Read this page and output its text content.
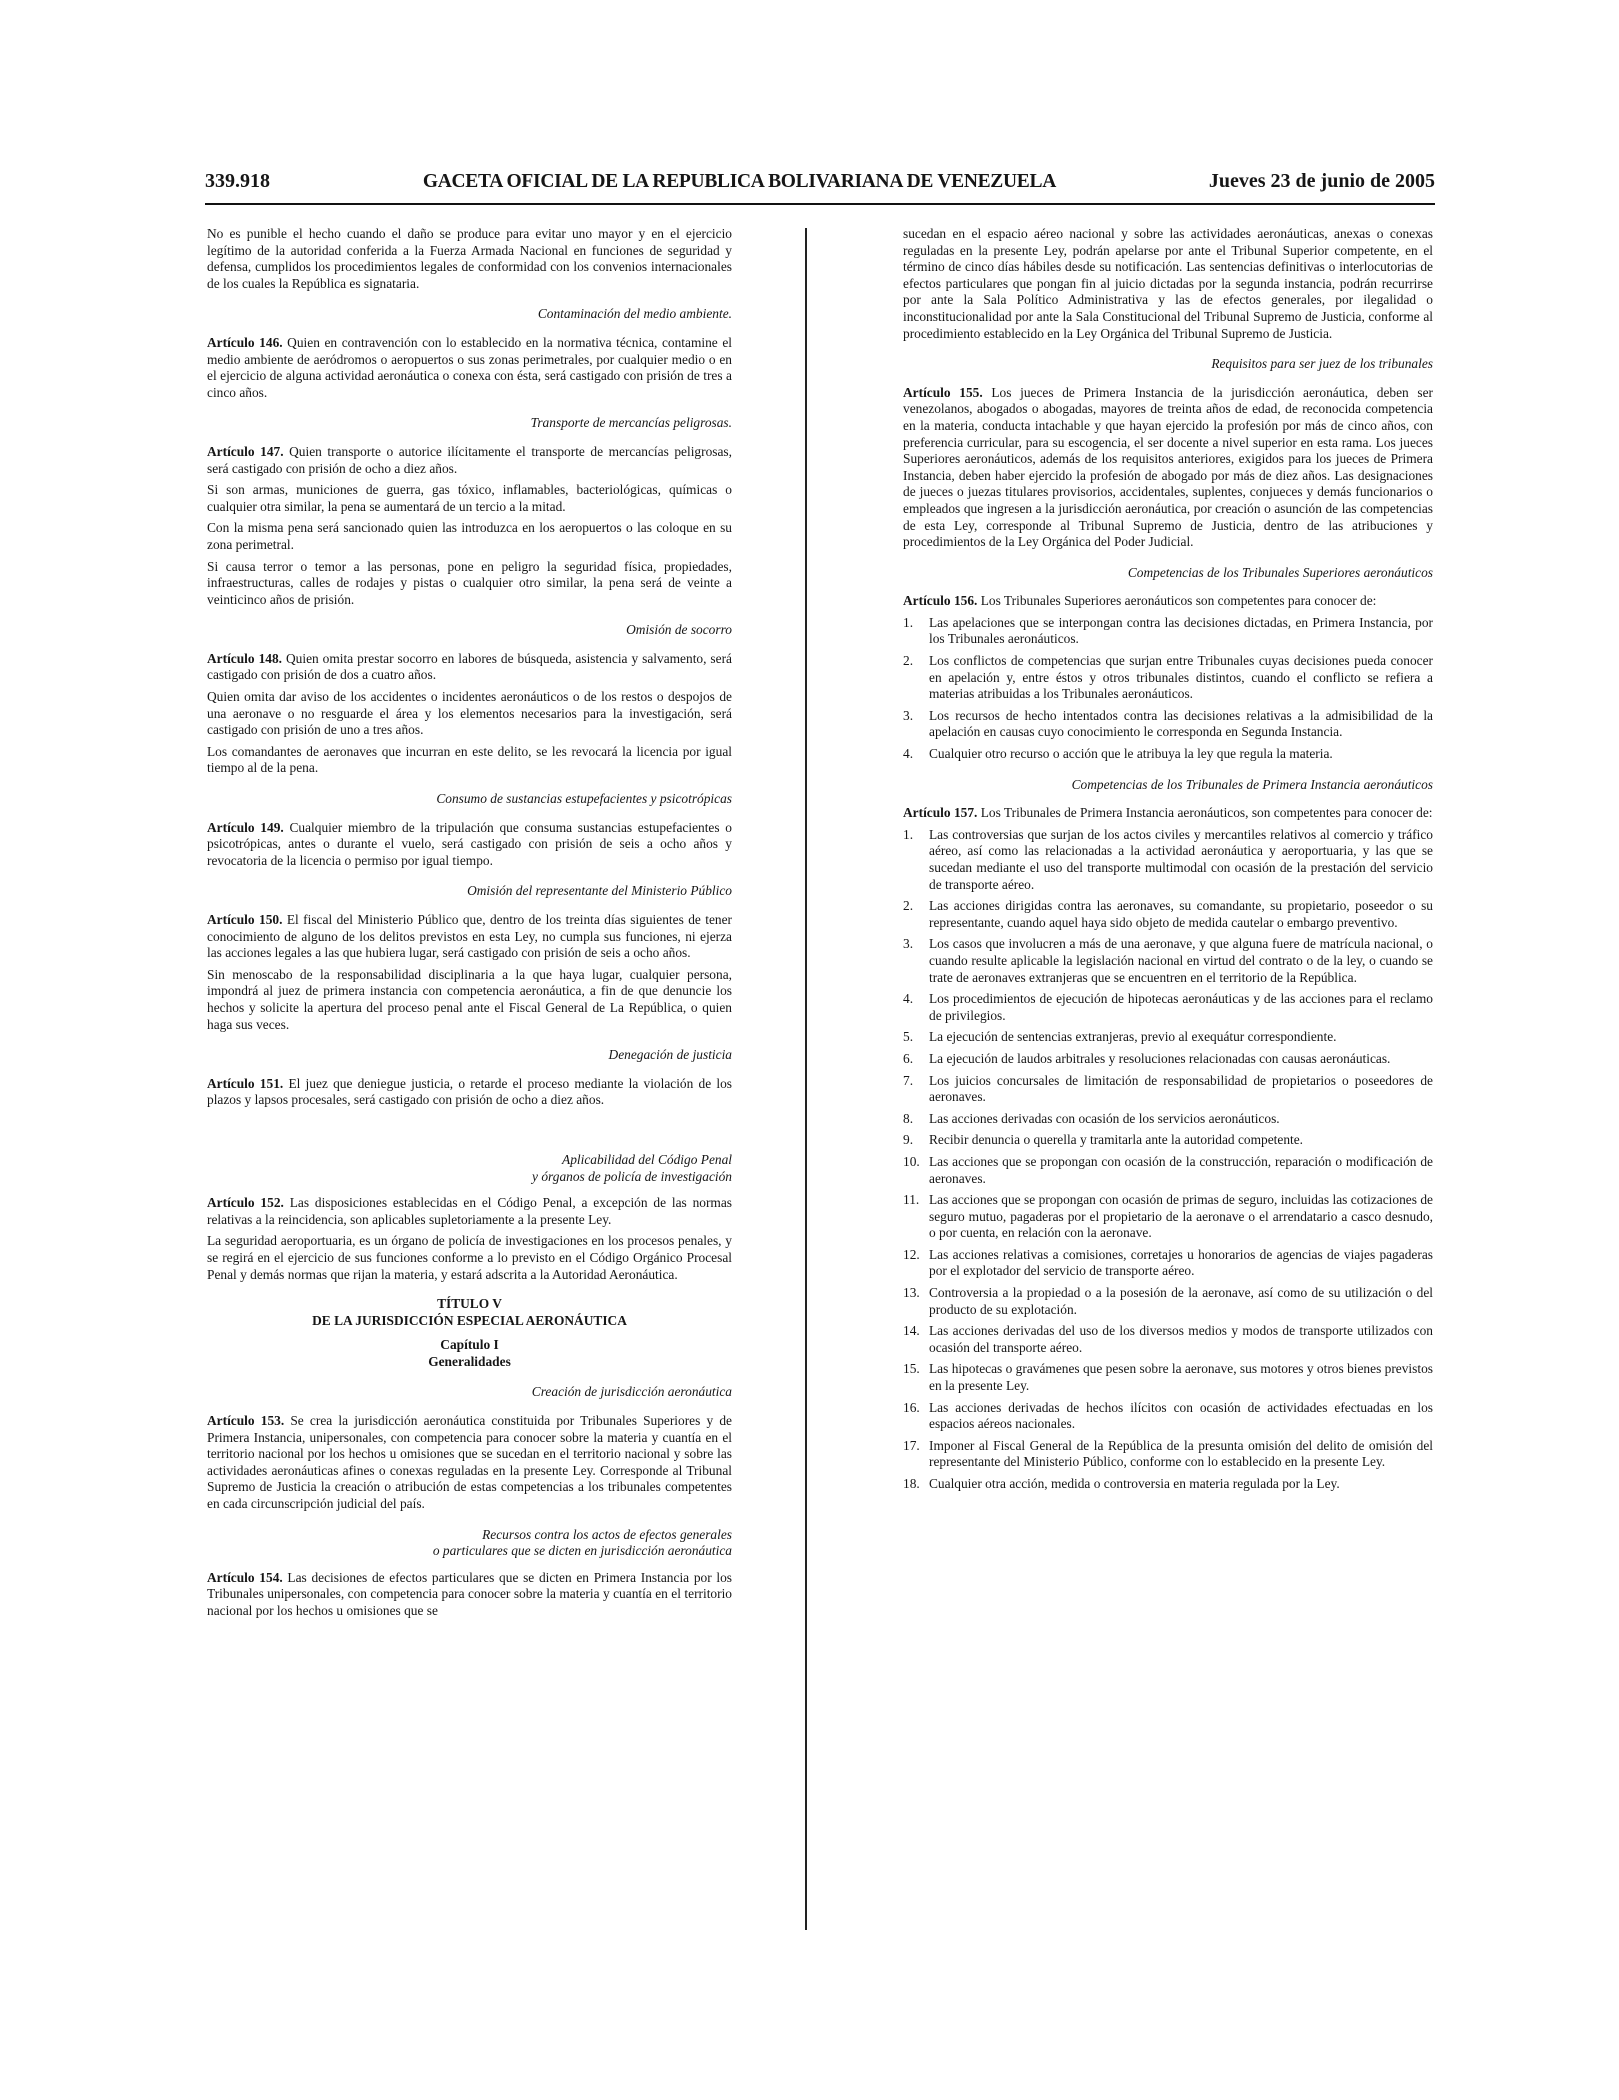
339.918	GACETA OFICIAL DE LA REPUBLICA BOLIVARIANA DE VENEZUELA	Jueves 23 de junio de 2005

No es punible el hecho cuando el daño se produce para evitar uno mayor y en el ejercicio legítimo de la autoridad conferida a la Fuerza Armada Nacional en funciones de seguridad y defensa, cumplidos los procedimientos legales de conformidad con los convenios internacionales de los cuales la República es signataria.

Contaminación del medio ambiente.

Artículo 146. Quien en contravención con lo establecido en la normativa técnica, contamine el medio ambiente de aeródromos o aeropuertos o sus zonas perimetrales, por cualquier medio o en el ejercicio de alguna actividad aeronáutica o conexa con ésta, será castigado con prisión de tres a cinco años.

Transporte de mercancías peligrosas.

Artículo 147. Quien transporte o autorice ilícitamente el transporte de mercancías peligrosas, será castigado con prisión de ocho a diez años.

Si son armas, municiones de guerra, gas tóxico, inflamables, bacteriológicas, químicas o cualquier otra similar, la pena se aumentará de un tercio a la mitad.

Con la misma pena será sancionado quien las introduzca en los aeropuertos o las coloque en su zona perimetral.

Si causa terror o temor a las personas, pone en peligro la seguridad física, propiedades, infraestructuras, calles de rodajes y pistas o cualquier otro similar, la pena será de veinte a veinticinco años de prisión.

Omisión de socorro

Artículo 148. Quien omita prestar socorro en labores de búsqueda, asistencia y salvamento, será castigado con prisión de dos a cuatro años.

Quien omita dar aviso de los accidentes o incidentes aeronáuticos o de los restos o despojos de una aeronave o no resguarde el área y los elementos necesarios para la investigación, será castigado con prisión de uno a tres años.

Los comandantes de aeronaves que incurran en este delito, se les revocará la licencia por igual tiempo al de la pena.

Consumo de sustancias estupefacientes y psicotrópicas

Artículo 149. Cualquier miembro de la tripulación que consuma sustancias estupefacientes o psicotrópicas, antes o durante el vuelo, será castigado con prisión de seis a ocho años y revocatoria de la licencia o permiso por igual tiempo.

Omisión del representante del Ministerio Público

Artículo 150. El fiscal del Ministerio Público que, dentro de los treinta días siguientes de tener conocimiento de alguno de los delitos previstos en esta Ley, no cumpla sus funciones, ni ejerza las acciones legales a las que hubiera lugar, será castigado con prisión de seis a ocho años.

Sin menoscabo de la responsabilidad disciplinaria a la que haya lugar, cualquier persona, impondrá al juez de primera instancia con competencia aeronáutica, a fin de que denuncie los hechos y solicite la apertura del proceso penal ante el Fiscal General de La República, o quien haga sus veces.

Denegación de justicia

Artículo 151. El juez que deniegue justicia, o retarde el proceso mediante la violación de los plazos y lapsos procesales, será castigado con prisión de ocho a diez años.

Aplicabilidad del Código Penal
y órganos de policía de investigación

Artículo 152. Las disposiciones establecidas en el Código Penal, a excepción de las normas relativas a la reincidencia, son aplicables supletoriamente a la presente Ley.

La seguridad aeroportuaria, es un órgano de policía de investigaciones en los procesos penales, y se regirá en el ejercicio de sus funciones conforme a lo previsto en el Código Orgánico Procesal Penal y demás normas que rijan la materia, y estará adscrita a la Autoridad Aeronáutica.

TÍTULO V
DE LA JURISDICCIÓN ESPECIAL AERONÁUTICA
Capítulo I
Generalidades
Creación de jurisdicción aeronáutica

Artículo 153. Se crea la jurisdicción aeronáutica constituida por Tribunales Superiores y de Primera Instancia, unipersonales, con competencia para conocer sobre la materia y cuantía en el territorio nacional por los hechos u omisiones que se sucedan en el territorio nacional y sobre las actividades aeronáuticas afines o conexas reguladas en la presente Ley. Corresponde al Tribunal Supremo de Justicia la creación o atribución de estas competencias a los tribunales competentes en cada circunscripción judicial del país.

Recursos contra los actos de efectos generales
o particulares que se dicten en jurisdicción aeronáutica

Artículo 154. Las decisiones de efectos particulares que se dicten en Primera Instancia por los Tribunales unipersonales, con competencia para conocer sobre la materia y cuantía en el territorio nacional por los hechos u omisiones que se

sucedan en el espacio aéreo nacional y sobre las actividades aeronáuticas, anexas o conexas reguladas en la presente Ley, podrán apelarse por ante el Tribunal Superior competente, en el término de cinco días hábiles desde su notificación. Las sentencias definitivas o interlocutorias de efectos particulares que pongan fin al juicio dictadas por la segunda instancia, podrán recurrirse por ante la Sala Político Administrativa y las de efectos generales, por ilegalidad o inconstitucionalidad por ante la Sala Constitucional del Tribunal Supremo de Justicia, conforme al procedimiento establecido en la Ley Orgánica del Tribunal Supremo de Justicia.

Requisitos para ser juez de los tribunales

Artículo 155. Los jueces de Primera Instancia de la jurisdicción aeronáutica, deben ser venezolanos, abogados o abogadas, mayores de treinta años de edad, de reconocida competencia en la materia, conducta intachable y que hayan ejercido la profesión por más de cinco años, con preferencia curricular, para su escogencia, el ser docente a nivel superior en esta rama. Los jueces Superiores aeronáuticos, además de los requisitos anteriores, exigidos para los jueces de Primera Instancia, deben haber ejercido la profesión de abogado por más de diez años. Las designaciones de jueces o juezas titulares provisorios, accidentales, suplentes, conjueces y demás funcionarios o empleados que ingresen a la jurisdicción aeronáutica, por creación o asunción de las competencias de esta Ley, corresponde al Tribunal Supremo de Justicia, dentro de las atribuciones y procedimientos de la Ley Orgánica del Poder Judicial.

Competencias de los Tribunales Superiores aeronáuticos

Artículo 156. Los Tribunales Superiores aeronáuticos son competentes para conocer de:

1.	Las apelaciones que se interpongan contra las decisiones dictadas, en Primera Instancia, por los Tribunales aeronáuticos.
2.	Los conflictos de competencias que surjan entre Tribunales cuyas decisiones pueda conocer en apelación y, entre éstos y otros tribunales distintos, cuando el conflicto se refiera a materias atribuidas a los Tribunales aeronáuticos.
3.	Los recursos de hecho intentados contra las decisiones relativas a la admisibilidad de la apelación en causas cuyo conocimiento le corresponda en Segunda Instancia.
4.	Cualquier otro recurso o acción que le atribuya la ley que regula la materia.
Competencias de los Tribunales de Primera Instancia aeronáuticos

Artículo 157. Los Tribunales de Primera Instancia aeronáuticos, son competentes para conocer de:

1.	Las controversias que surjan de los actos civiles y mercantiles relativos al comercio y tráfico aéreo, así como las relacionadas a la actividad aeronáutica y aeroportuaria, y las que se sucedan mediante el uso del transporte multimodal con ocasión de la prestación del servicio de transporte aéreo.
2.	Las acciones dirigidas contra las aeronaves, su comandante, su propietario, poseedor o su representante, cuando aquel haya sido objeto de medida cautelar o embargo preventivo.
3.	Los casos que involucren a más de una aeronave, y que alguna fuere de matrícula nacional, o cuando resulte aplicable la legislación nacional en virtud del contrato o de la ley, o cuando se trate de aeronaves extranjeras que se encuentren en el territorio de la República.
4.	Los procedimientos de ejecución de hipotecas aeronáuticas y de las acciones para el reclamo de privilegios.
5.	La ejecución de sentencias extranjeras, previo al exequátur correspondiente.
6.	La ejecución de laudos arbitrales y resoluciones relacionadas con causas aeronáuticas.
7.	Los juicios concursales de limitación de responsabilidad de propietarios o poseedores de aeronaves.
8.	Las acciones derivadas con ocasión de los servicios aeronáuticos.
9.	Recibir denuncia o querella y tramitarla ante la autoridad competente.
10. Las acciones que se propongan con ocasión de la construcción, reparación o modificación de aeronaves.
11. Las acciones que se propongan con ocasión de primas de seguro, incluidas las cotizaciones de seguro mutuo, pagaderas por el propietario de la aeronave o el arrendatario a casco desnudo, o por cuenta, en relación con la aeronave.
12. Las acciones relativas a comisiones, corretajes u honorarios de agencias de viajes pagaderas por el explotador del servicio de transporte aéreo.
13. Controversia a la propiedad o a la posesión de la aeronave, así como de su utilización o del producto de su explotación.
14. Las acciones derivadas del uso de los diversos medios y modos de transporte utilizados con ocasión del transporte aéreo.
15. Las hipotecas o gravámenes que pesen sobre la aeronave, sus motores y otros bienes previstos en la presente Ley.
16. Las acciones derivadas de hechos ilícitos con ocasión de actividades efectuadas en los espacios aéreos nacionales.
17. Imponer al Fiscal General de la República de la presunta omisión del delito de omisión del representante del Ministerio Público, conforme con lo establecido en la presente Ley.
18. Cualquier otra acción, medida o controversia en materia regulada por la Ley.
